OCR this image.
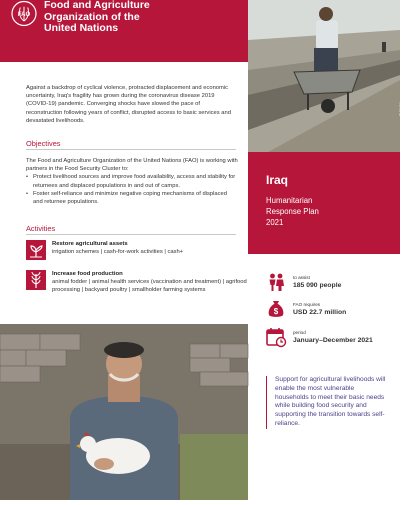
FAO
Food and Agriculture
Organization of the
United Nations
© FAO/Iraq

Against a backdrop of cyclical violence, protracted displacement and economic uncertainty, Iraq's fragility has grown during the coronavirus disease 2019 (COVID-19) pandemic. Converging shocks have slowed the pace of reconstruction following years of conflict, disrupted access to basic services and devastated livelihoods.

Objectives

The Food and Agriculture Organization of the United Nations (FAO) is working with partners in the Food Security Cluster to:

• Protect livelihood sources and improve food availability, access and stability for returnees and displaced populations in and out of camps.
• Foster self-reliance and minimize negative coping mechanisms of displaced and returnee populations.
Activities
Restore agricultural assets
irrigation schemes | cash-for-work activities | cash+
Increase food production
animal fodder | animal health services (vaccination and treatment) | agrifood processing | backyard poultry | smallholder farming systems
Iraq
Humanitarian
Response Plan
2021
to assist
185 090 people
$
FAO requires
USD 22.7 million
period
January–December 2021
Support for agricultural livelihoods will enable the most vulnerable households to meet their basic needs while building food security and supporting the transition towards self-reliance.
